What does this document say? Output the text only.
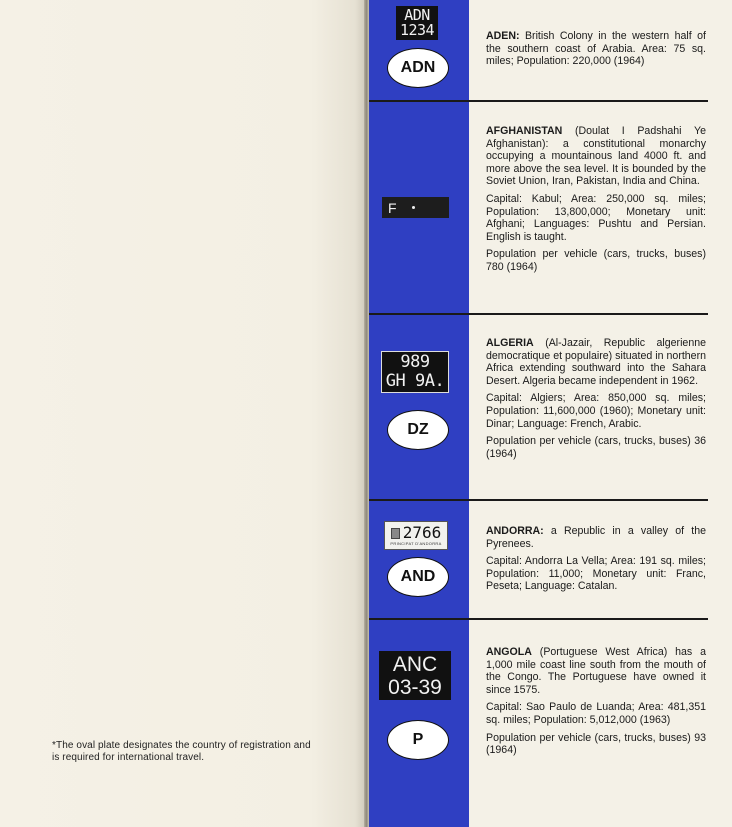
*The oval plate designates the country of registration and is required for international travel.
ADN
1234
ADN

ADEN: British Colony in the western half of the southern coast of Arabia. Area: 75 sq. miles; Population: 220,000 (1964)

F

AFGHANISTAN (Doulat I Padshahi Ye Afghanistan): a constitutional monarchy occupying a mountainous land 4000 ft. and more above the sea level. It is bounded by the Soviet Union, Iran, Pakistan, India and China.

Capital: Kabul; Area: 250,000 sq. miles; Population: 13,800,000; Monetary unit: Afghani; Languages: Pushtu and Persian. English is taught.

Population per vehicle (cars, trucks, buses) 780 (1964)

989
GH 9A.
DZ

ALGERIA (Al-Jazair, Republic algerienne democratique et populaire) situated in northern Africa extending southward into the Sahara Desert. Algeria became independent in 1962.

Capital: Algiers; Area: 850,000 sq. miles; Population: 11,600,000 (1960); Monetary unit: Dinar; Language: French, Arabic.

Population per vehicle (cars, trucks, buses) 36 (1964)

2766
PRINCIPAT D'ANDORRA
AND

ANDORRA: a Republic in a valley of the Pyrenees.

Capital: Andorra La Vella; Area: 191 sq. miles; Population: 11,000; Monetary unit: Franc, Peseta; Language: Catalan.

ANC
03-39
P

ANGOLA (Portuguese West Africa) has a 1,000 mile coast line south from the mouth of the Congo. The Portuguese have owned it since 1575.

Capital: Sao Paulo de Luanda; Area: 481,351 sq. miles; Population: 5,012,000 (1963)

Population per vehicle (cars, trucks, buses) 93 (1964)
